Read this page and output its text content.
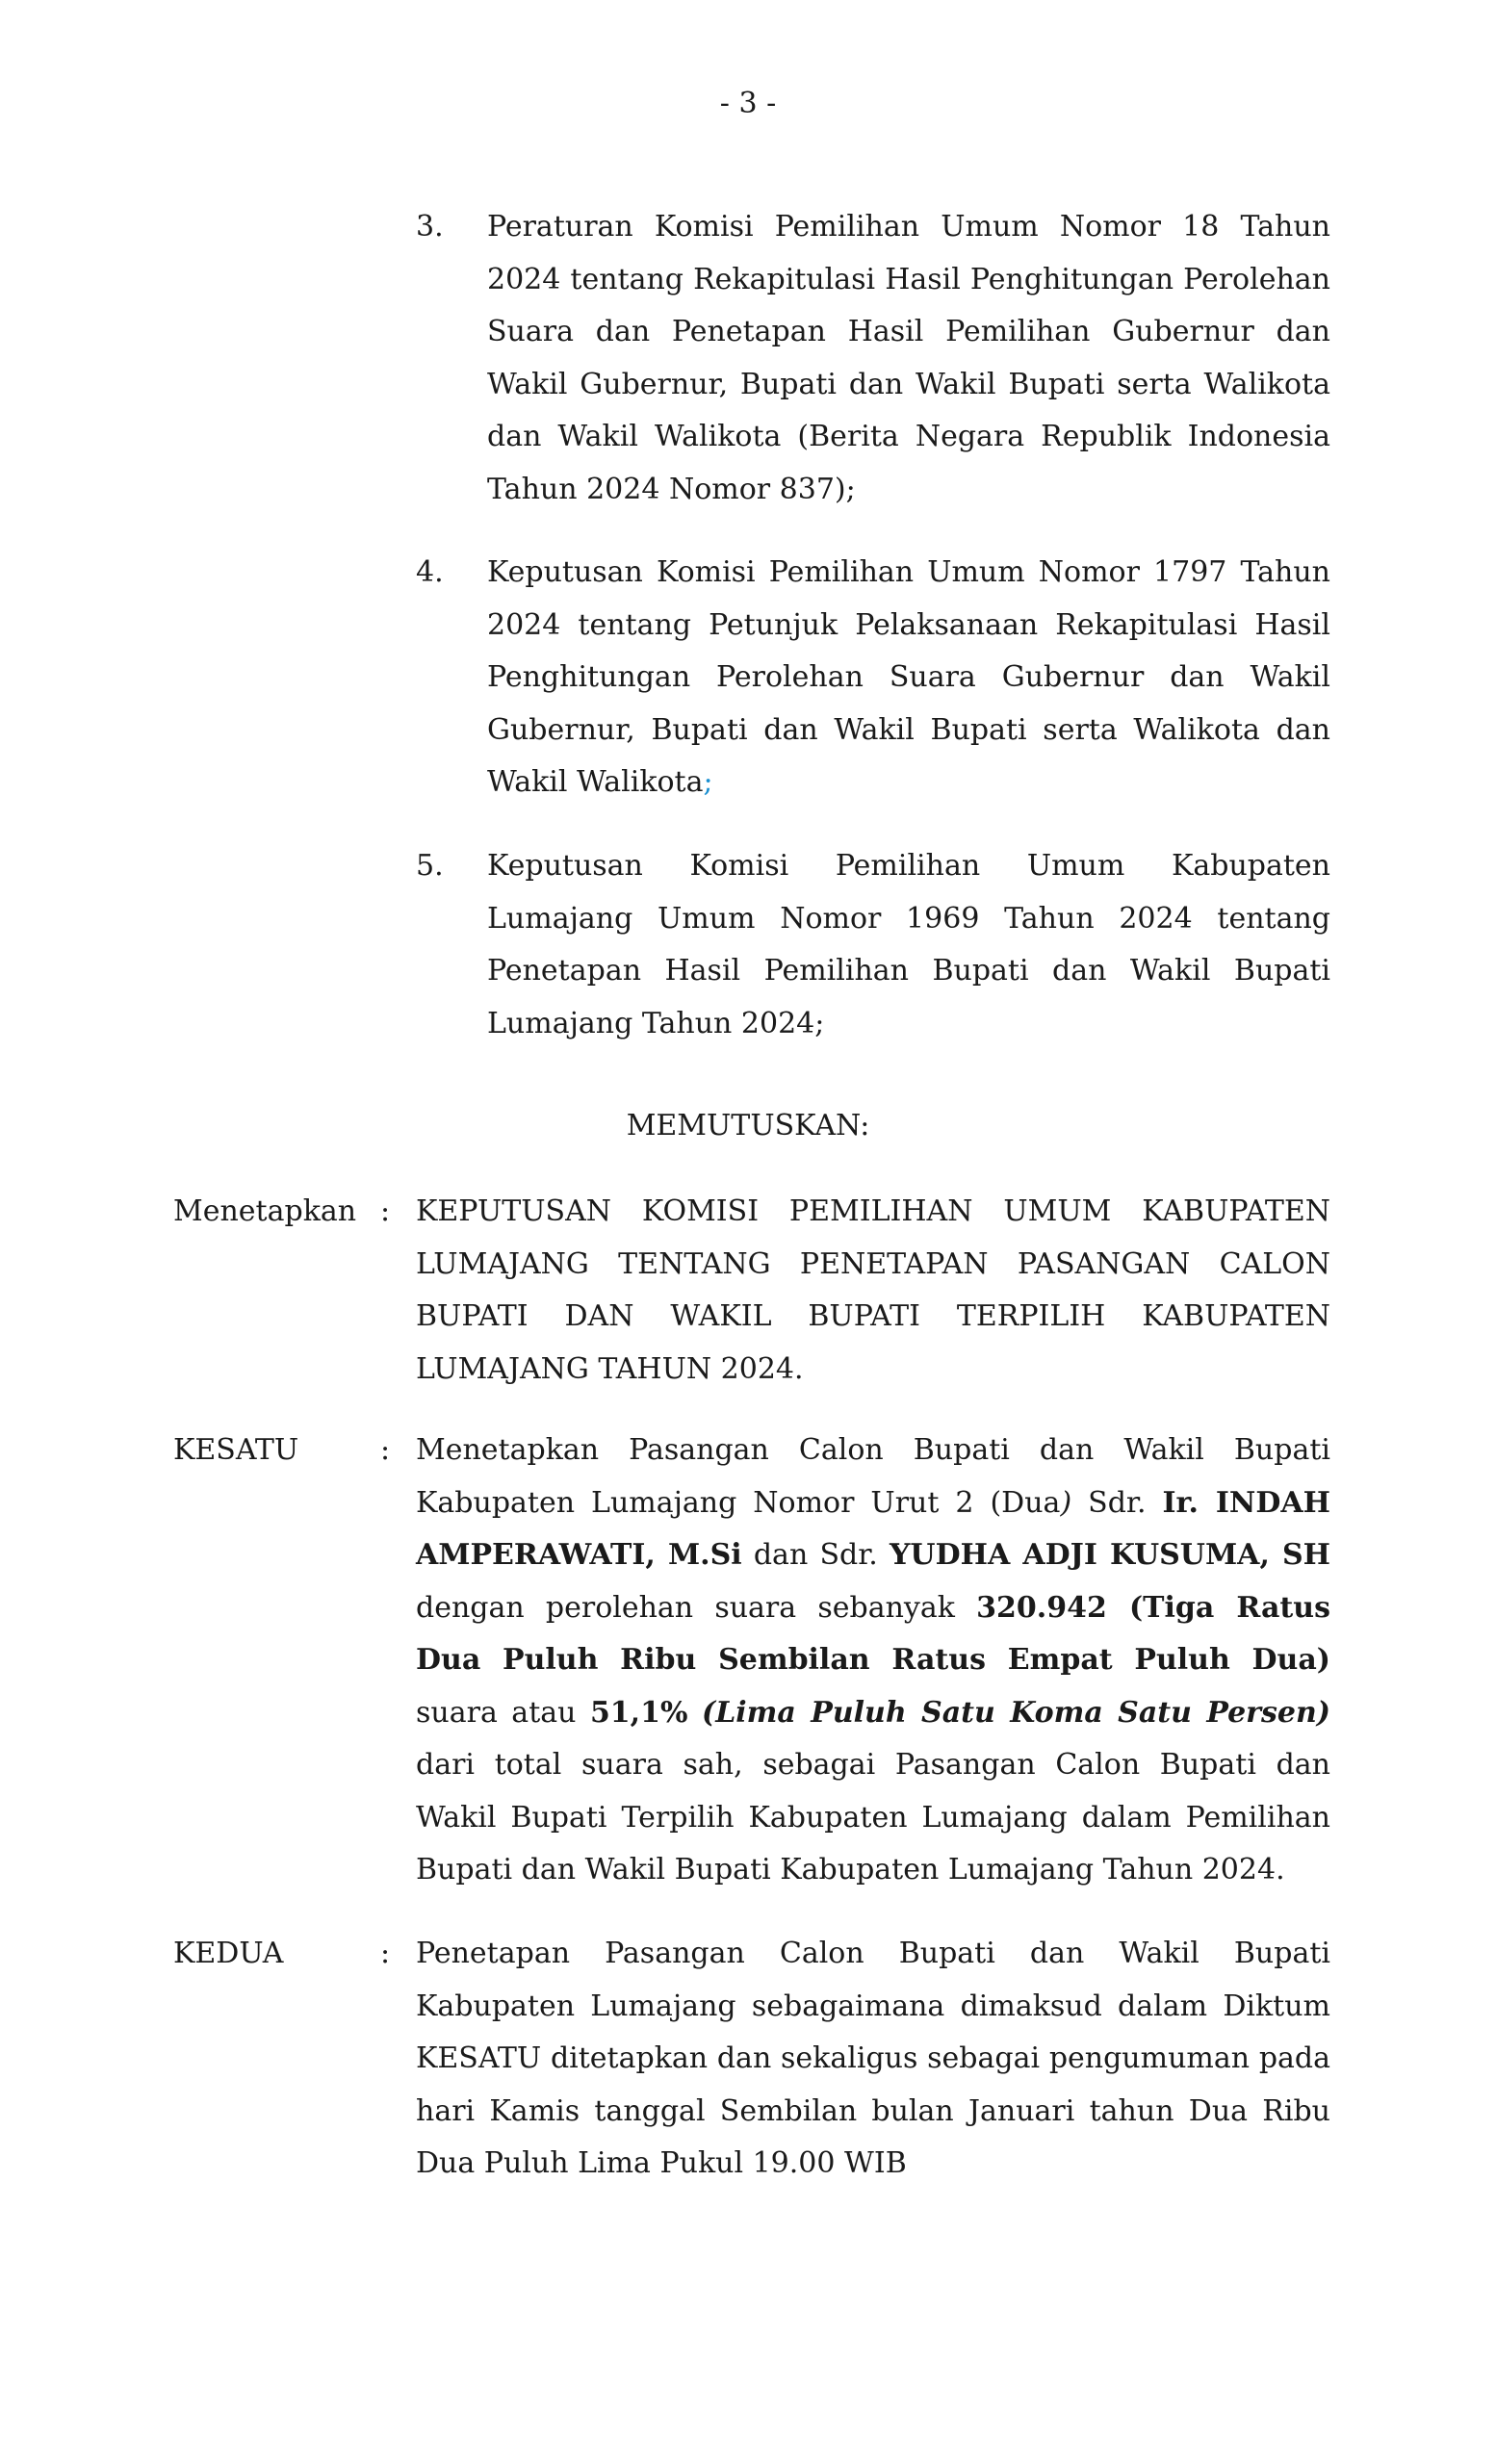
- 3 -
3. Peraturan Komisi Pemilihan Umum Nomor 18 Tahun 2024 tentang Rekapitulasi Hasil Penghitungan Perolehan Suara dan Penetapan Hasil Pemilihan Gubernur dan Wakil Gubernur, Bupati dan Wakil Bupati serta Walikota dan Wakil Walikota (Berita Negara Republik Indonesia Tahun 2024 Nomor 837);
4. Keputusan Komisi Pemilihan Umum Nomor 1797 Tahun 2024 tentang Petunjuk Pelaksanaan Rekapitulasi Hasil Penghitungan Perolehan Suara Gubernur dan Wakil Gubernur, Bupati dan Wakil Bupati serta Walikota dan Wakil Walikota;
5. Keputusan Komisi Pemilihan Umum Kabupaten Lumajang Umum Nomor 1969 Tahun 2024 tentang Penetapan Hasil Pemilihan Bupati dan Wakil Bupati Lumajang Tahun 2024;
MEMUTUSKAN:
Menetapkan : KEPUTUSAN KOMISI PEMILIHAN UMUM KABUPATEN LUMAJANG TENTANG PENETAPAN PASANGAN CALON BUPATI DAN WAKIL BUPATI TERPILIH KABUPATEN LUMAJANG TAHUN 2024.
KESATU	: Menetapkan Pasangan Calon Bupati dan Wakil Bupati Kabupaten Lumajang Nomor Urut 2 (Dua) Sdr. Ir. INDAH AMPERAWATI, M.Si dan Sdr. YUDHA ADJI KUSUMA, SH dengan perolehan suara sebanyak 320.942 (Tiga Ratus Dua Puluh Ribu Sembilan Ratus Empat Puluh Dua) suara atau 51,1% (Lima Puluh Satu Koma Satu Persen) dari total suara sah, sebagai Pasangan Calon Bupati dan Wakil Bupati Terpilih Kabupaten Lumajang dalam Pemilihan Bupati dan Wakil Bupati Kabupaten Lumajang Tahun 2024.
KEDUA	: Penetapan Pasangan Calon Bupati dan Wakil Bupati Kabupaten Lumajang sebagaimana dimaksud dalam Diktum KESATU ditetapkan dan sekaligus sebagai pengumuman pada hari Kamis tanggal Sembilan bulan Januari tahun Dua Ribu Dua Puluh Lima Pukul 19.00 WIB
